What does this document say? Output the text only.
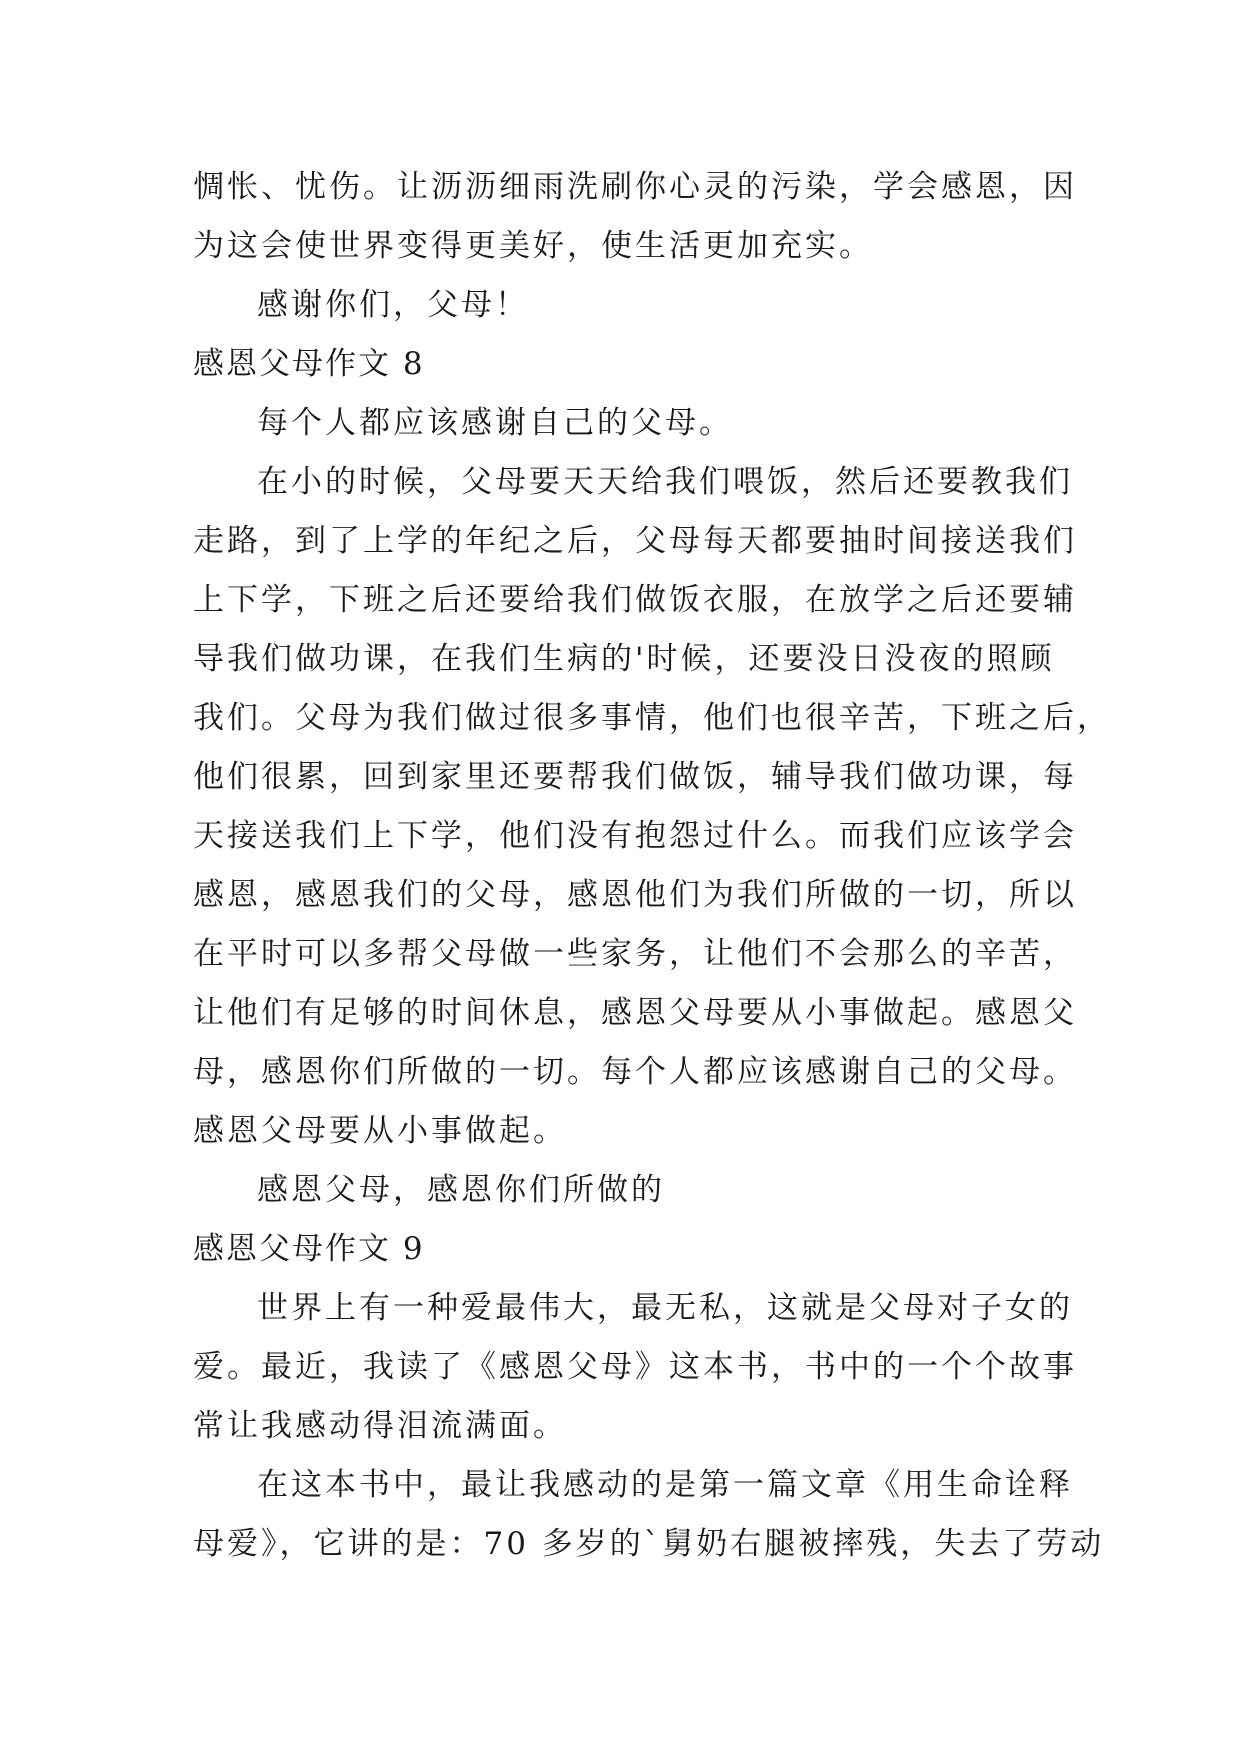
惆怅、忧伤。让沥沥细雨洗刷你心灵的污染，学会感恩，因
为这会使世界变得更美好，使生活更加充实。
感谢你们，父母！
感恩父母作文 8
每个人都应该感谢自己的父母。
在小的时候，父母要天天给我们喂饭，然后还要教我们
走路，到了上学的年纪之后，父母每天都要抽时间接送我们
上下学，下班之后还要给我们做饭衣服，在放学之后还要辅
导我们做功课，在我们生病的'时候，还要没日没夜的照顾
我们。父母为我们做过很多事情，他们也很辛苦，下班之后，
他们很累，回到家里还要帮我们做饭，辅导我们做功课，每
天接送我们上下学，他们没有抱怨过什么。而我们应该学会
感恩，感恩我们的父母，感恩他们为我们所做的一切，所以
在平时可以多帮父母做一些家务，让他们不会那么的辛苦，
让他们有足够的时间休息，感恩父母要从小事做起。感恩父
母，感恩你们所做的一切。每个人都应该感谢自己的父母。
感恩父母要从小事做起。
感恩父母，感恩你们所做的
感恩父母作文 9
世界上有一种爱最伟大，最无私，这就是父母对子女的
爱。最近，我读了《感恩父母》这本书，书中的一个个故事
常让我感动得泪流满面。
在这本书中，最让我感动的是第一篇文章《用生命诠释
母爱》，它讲的是：70 多岁的`舅奶右腿被摔残，失去了劳动
